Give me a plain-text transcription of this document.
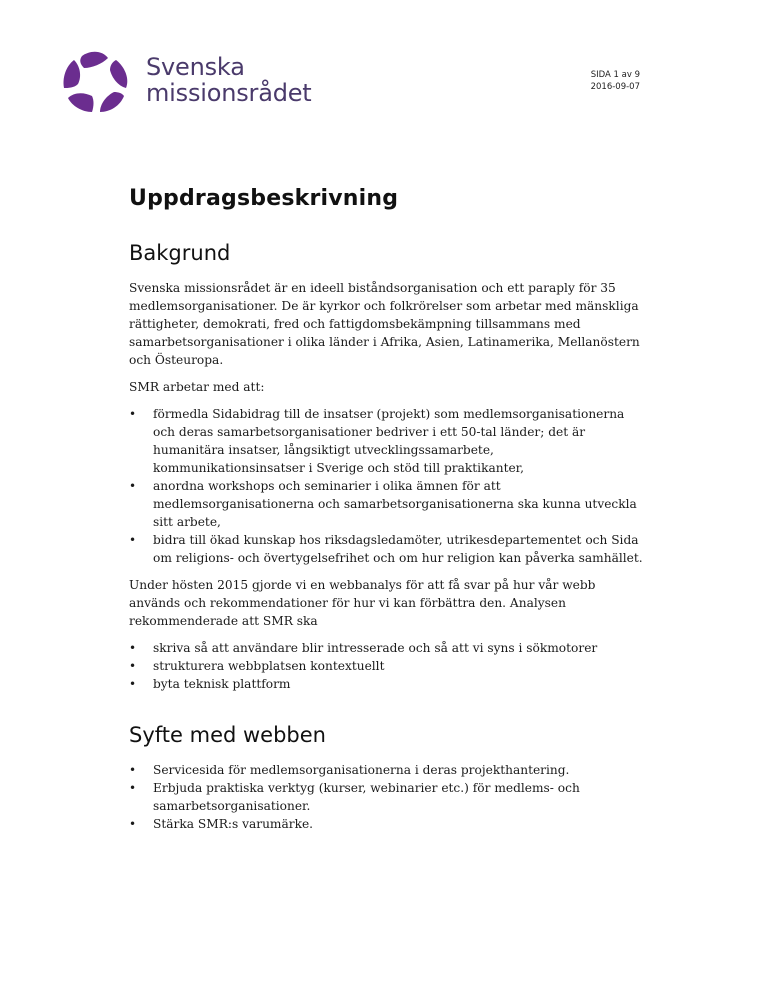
Svenska
missionsrådet
SIDA 1 av 9
2016-09-07
Uppdragsbeskrivning
Bakgrund

Svenska missionsrådet är en ideell biståndsorganisation och ett paraply för 35 medlemsorganisationer. De är kyrkor och folkrörelser som arbetar med mänskliga rättigheter, demokrati, fred och fattigdomsbekämpning tillsammans med samarbetsorganisationer i olika länder i Afrika, Asien, Latinamerika, Mellanöstern och Östeuropa.

SMR arbetar med att:

• förmedla Sidabidrag till de insatser (projekt) som medlemsorganisationerna och deras samarbetsorganisationer bedriver i ett 50-tal länder; det är humanitära insatser, långsiktigt utvecklingssamarbete, kommunikationsinsatser i Sverige och stöd till praktikanter,
• anordna workshops och seminarier i olika ämnen för att medlemsorganisationerna och samarbetsorganisationerna ska kunna utveckla sitt arbete,
• bidra till ökad kunskap hos riksdagsledamöter, utrikesdepartementet och Sida om religions- och övertygelsefrihet och om hur religion kan påverka samhället.

Under hösten 2015 gjorde vi en webbanalys för att få svar på hur vår webb används och rekommendationer för hur vi kan förbättra den. Analysen rekommenderade att SMR ska

• skriva så att användare blir intresserade och så att vi syns i sökmotorer
• strukturera webbplatsen kontextuellt
• byta teknisk plattform
Syfte med webben
• Servicesida för medlemsorganisationerna i deras projekthantering.
• Erbjuda praktiska verktyg (kurser, webinarier etc.) för medlems- och samarbetsorganisationer.
• Stärka SMR:s varumärke.
